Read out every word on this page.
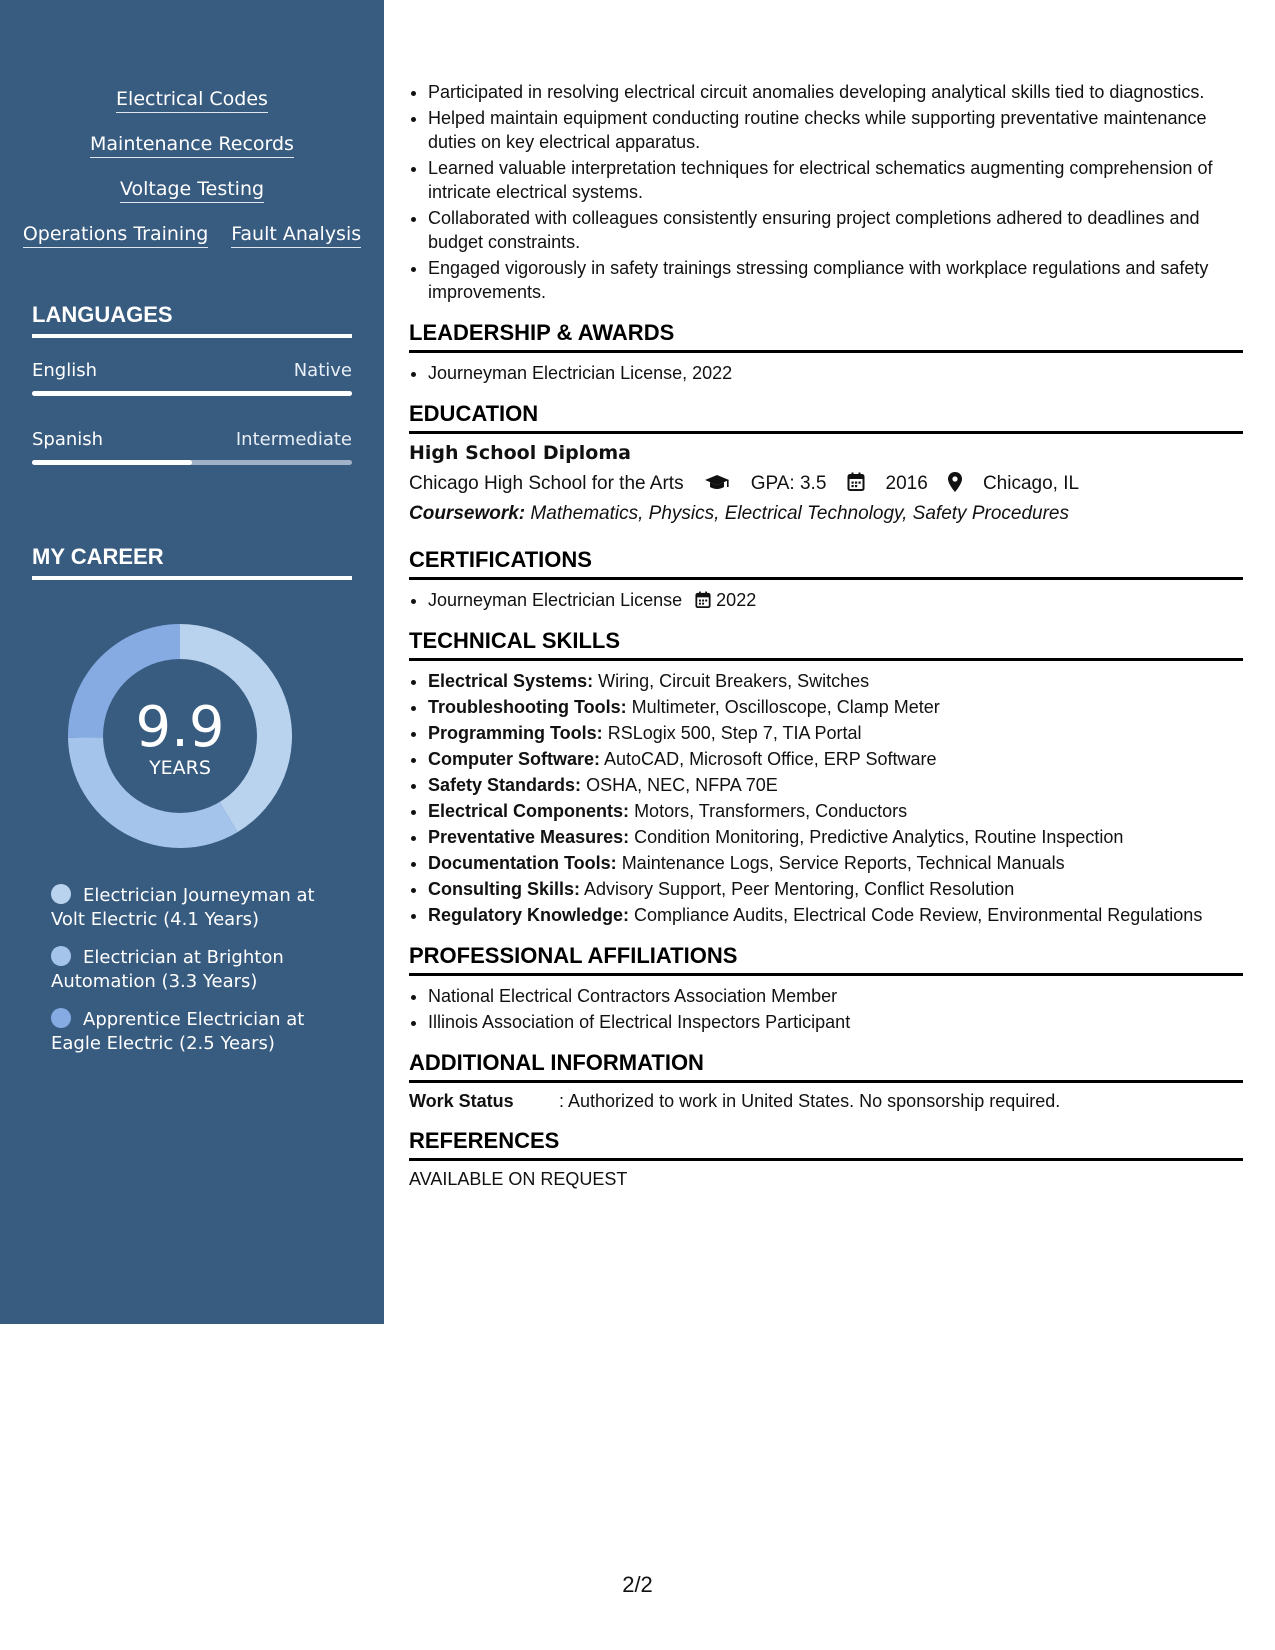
Electrical Codes
Maintenance Records
Voltage Testing
Operations Training Fault Analysis
LANGUAGES
English	Native
Spanish	Intermediate
MY CAREER
9.9
YEARS
Electrician Journeyman at Volt Electric (4.1 Years)
Electrician at Brighton Automation (3.3 Years)
Apprentice Electrician at Eagle Electric (2.5 Years)
• Participated in resolving electrical circuit anomalies developing analytical skills tied to diagnostics.
• Helped maintain equipment conducting routine checks while supporting preventative maintenance duties on key electrical apparatus.
• Learned valuable interpretation techniques for electrical schematics augmenting comprehension of intricate electrical systems.
• Collaborated with colleagues consistently ensuring project completions adhered to deadlines and budget constraints.
• Engaged vigorously in safety trainings stressing compliance with workplace regulations and safety improvements.
LEADERSHIP & AWARDS
• Journeyman Electrician License, 2022
EDUCATION
High School Diploma
Chicago High School for the Arts	GPA: 3.5	2016	Chicago, IL
Coursework: Mathematics, Physics, Electrical Technology, Safety Procedures
CERTIFICATIONS
• Journeyman Electrician License 2022
TECHNICAL SKILLS
• Electrical Systems: Wiring, Circuit Breakers, Switches
• Troubleshooting Tools: Multimeter, Oscilloscope, Clamp Meter
• Programming Tools: RSLogix 500, Step 7, TIA Portal
• Computer Software: AutoCAD, Microsoft Office, ERP Software
• Safety Standards: OSHA, NEC, NFPA 70E
• Electrical Components: Motors, Transformers, Conductors
• Preventative Measures: Condition Monitoring, Predictive Analytics, Routine Inspection
• Documentation Tools: Maintenance Logs, Service Reports, Technical Manuals
• Consulting Skills: Advisory Support, Peer Mentoring, Conflict Resolution
• Regulatory Knowledge: Compliance Audits, Electrical Code Review, Environmental Regulations
PROFESSIONAL AFFILIATIONS
• National Electrical Contractors Association Member
• Illinois Association of Electrical Inspectors Participant
ADDITIONAL INFORMATION
Work Status	: Authorized to work in United States. No sponsorship required.
REFERENCES
AVAILABLE ON REQUEST
2/2
